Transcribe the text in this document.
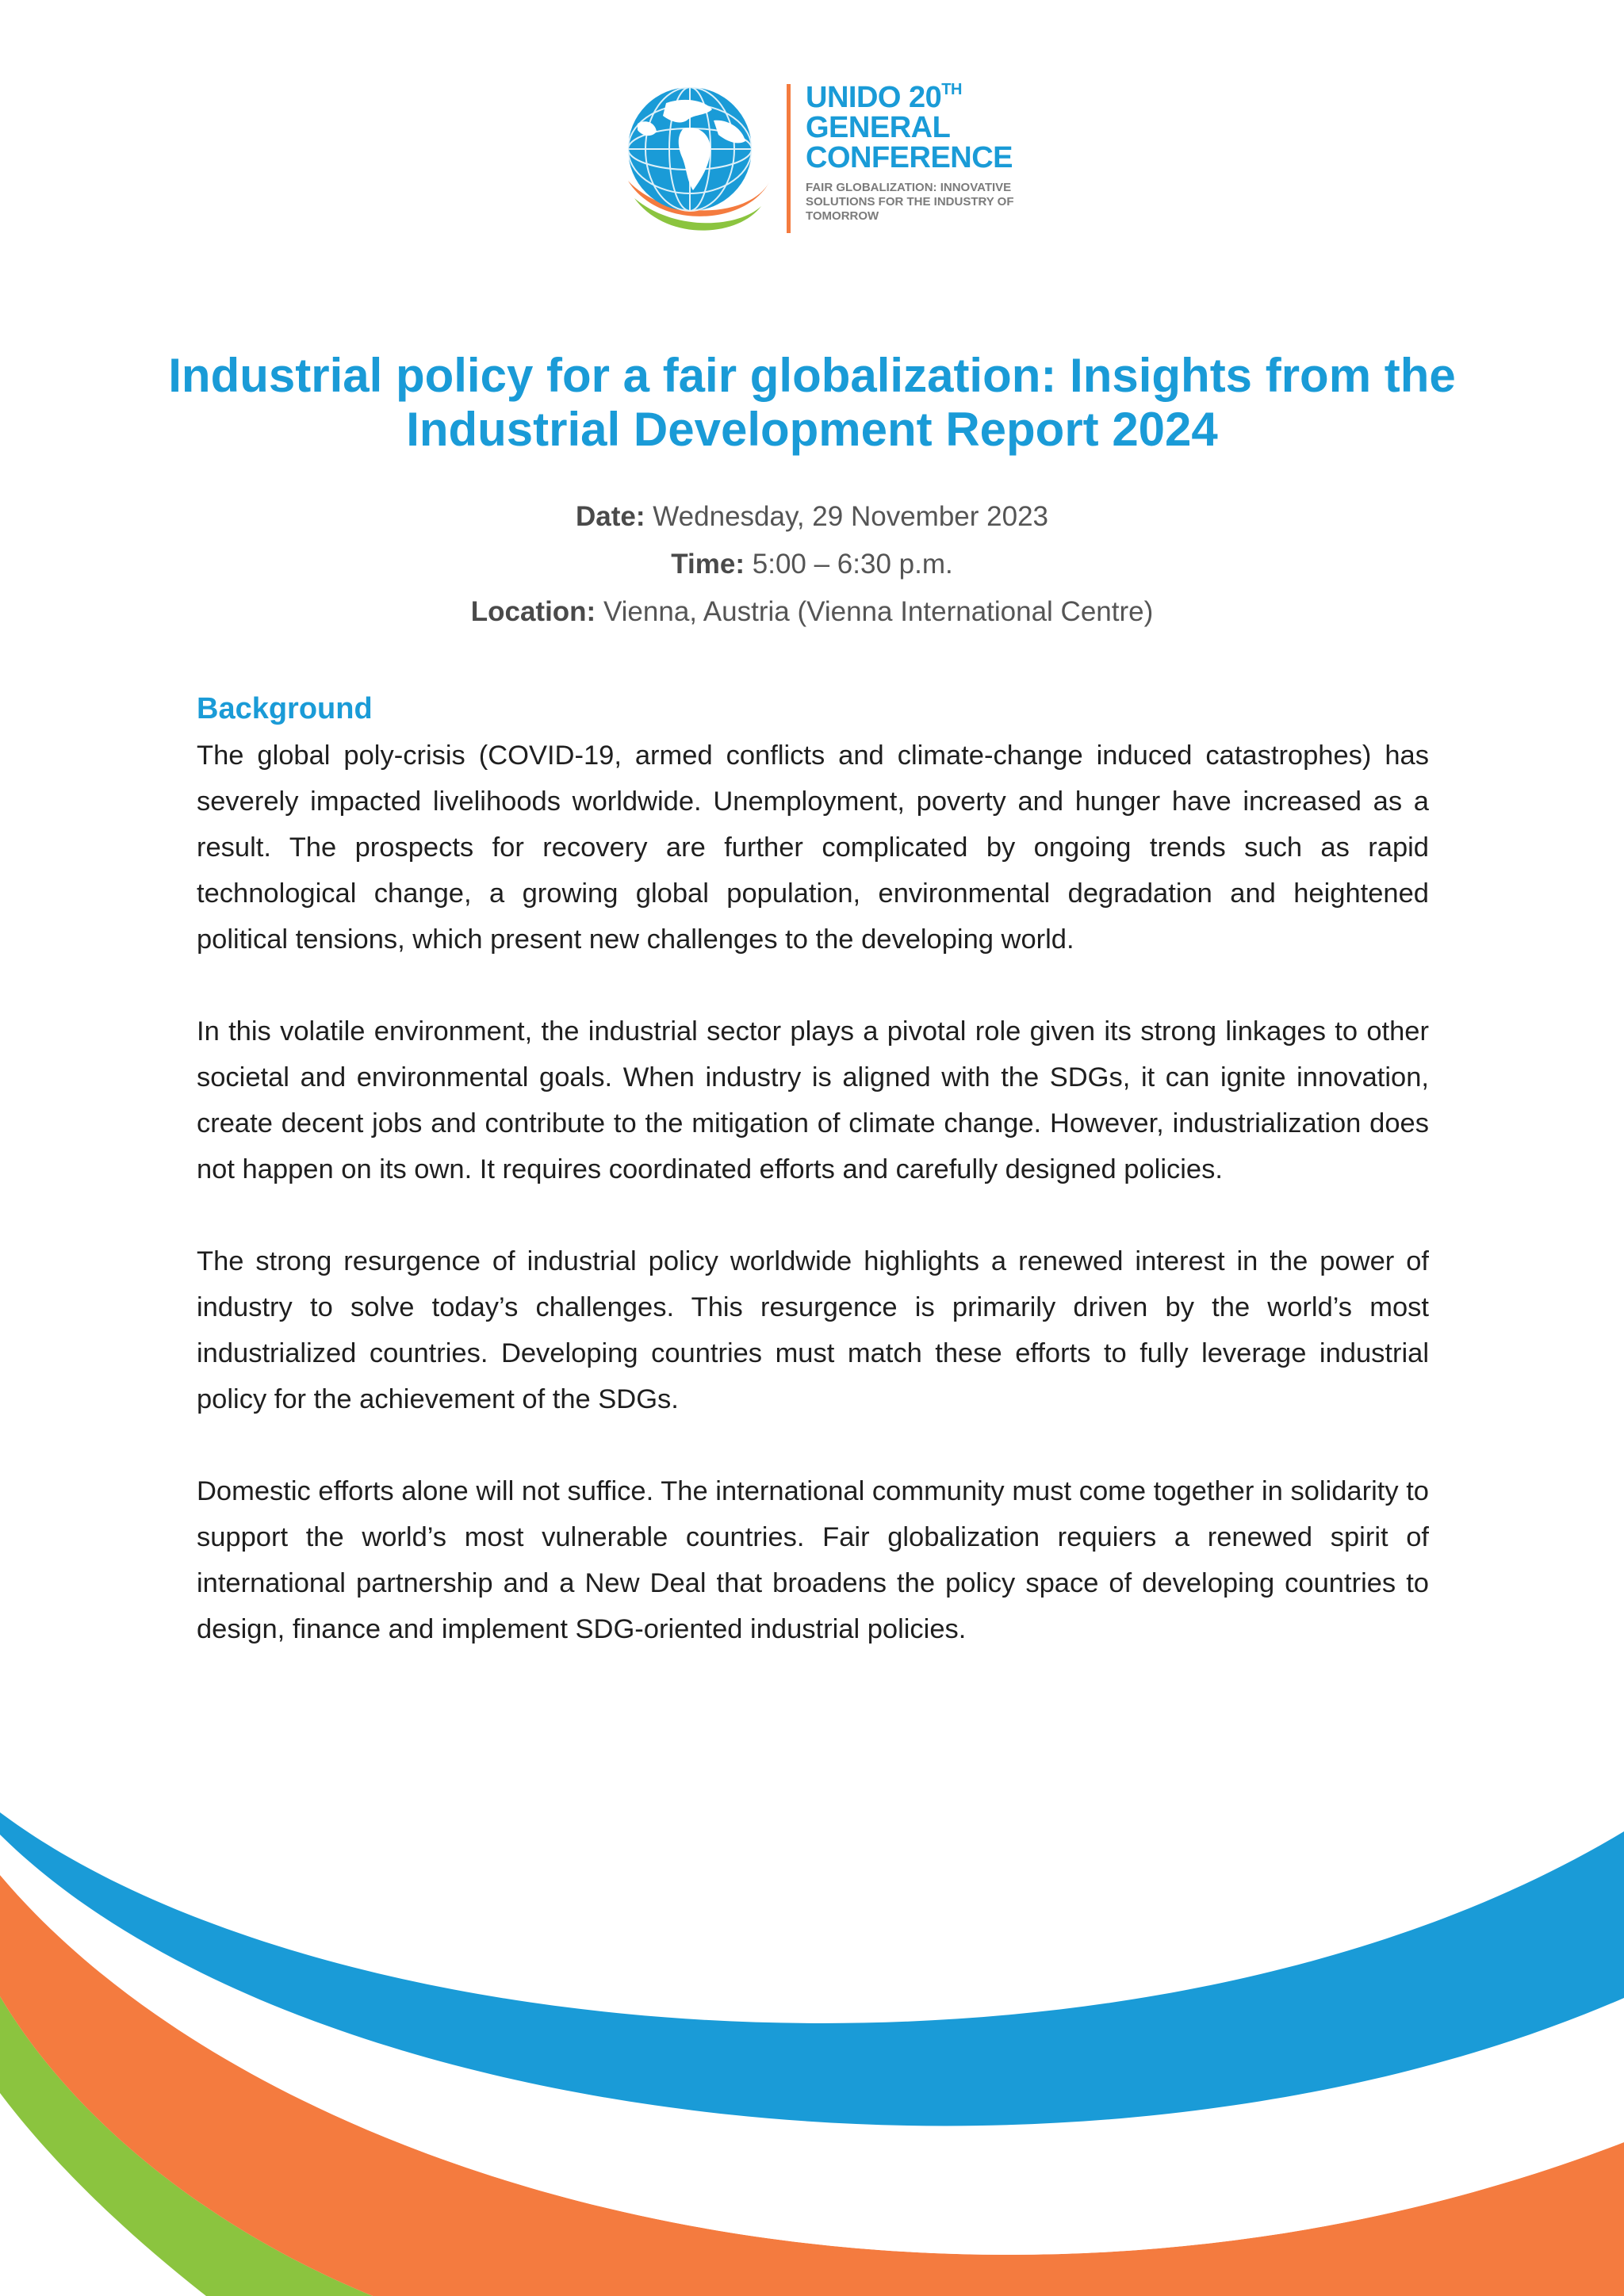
UNIDO 20TH
GENERAL
CONFERENCE
FAIR GLOBALIZATION: INNOVATIVE SOLUTIONS FOR THE INDUSTRY OF TOMORROW
Industrial policy for a fair globalization: Insights from the Industrial Development Report 2024
Date: Wednesday, 29 November 2023
Time: 5:00 – 6:30 p.m.
Location: Vienna, Austria (Vienna International Centre)
Background

The global poly-crisis (COVID-19, armed conflicts and climate-change induced catastrophes) has severely impacted livelihoods worldwide. Unemployment, poverty and hunger have increased as a result. The prospects for recovery are further complicated by ongoing trends such as rapid technological change, a growing global population, environmental degradation and heightened political tensions, which present new challenges to the developing world.

In this volatile environment, the industrial sector plays a pivotal role given its strong linkages to other societal and environmental goals. When industry is aligned with the SDGs, it can ignite innovation, create decent jobs and contribute to the mitigation of climate change. However, industrialization does not happen on its own. It requires coordinated efforts and carefully designed policies.

The strong resurgence of industrial policy worldwide highlights a renewed interest in the power of industry to solve today’s challenges. This resurgence is primarily driven by the world’s most industrialized countries. Developing countries must match these efforts to fully leverage industrial policy for the achievement of the SDGs.

Domestic efforts alone will not suffice. The international community must come together in solidarity to support the world’s most vulnerable countries. Fair globalization requiers a renewed spirit of international partnership and a New Deal that broadens the policy space of developing countries to design, finance and implement SDG-oriented industrial policies.
